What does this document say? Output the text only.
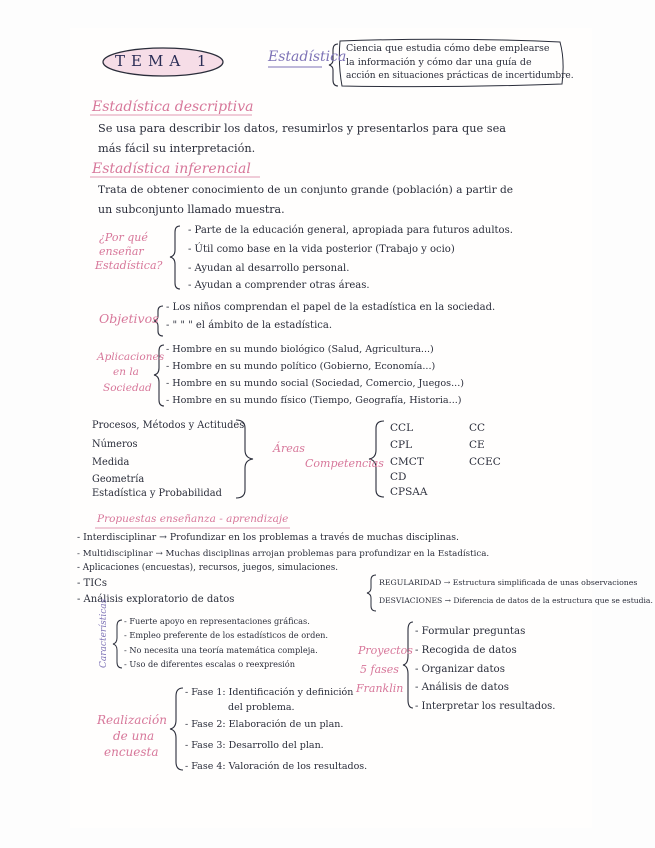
TEMA 1	Estadística
Ciencia que estudia cómo debe emplearse
la información y cómo dar una guía de
acción en situaciones prácticas de incertidumbre.
Estadística descriptiva
Se usa para describir los datos, resumirlos y presentarlos para que sea
más fácil su interpretación.
Estadística inferencial
Trata de obtener conocimiento de un conjunto grande (población) a partir de
un subconjunto llamado muestra.
¿Por qué
enseñar
Estadística?
- Parte de la educación general, apropiada para futuros adultos.
- Útil como base en la vida posterior (Trabajo y ocio)
- Ayudan al desarrollo personal.
- Ayudan a comprender otras áreas.
Objetivos
- Los niños comprendan el papel de la estadística en la sociedad.
- " " " el ámbito de la estadística.
Aplicaciones
en la
Sociedad
- Hombre en su mundo biológico (Salud, Agricultura...)
- Hombre en su mundo político (Gobierno, Economía...)
- Hombre en su mundo social (Sociedad, Comercio, Juegos...)
- Hombre en su mundo físico (Tiempo, Geografía, Historia...)
Procesos, Métodos y Actitudes
Números
Medida
Geometría
Estadística y Probabilidad
Áreas
Competencias
CCL
CPL
CMCT
CD
CPSAA
CC
CE
CCEC
Propuestas enseñanza - aprendizaje
- Interdisciplinar → Profundizar en los problemas a través de muchas disciplinas.
- Multidisciplinar → Muchas disciplinas arrojan problemas para profundizar en la Estadística.
- Aplicaciones (encuestas), recursos, juegos, simulaciones.
- TICs
- Análisis exploratorio de datos
REGULARIDAD → Estructura simplificada de unas observaciones
DESVIACIONES → Diferencia de datos de la estructura que se estudia.
Características - Fuerte apoyo en representaciones gráficas.
- Empleo preferente de los estadísticos de orden.
- No necesita una teoría matemática compleja.
- Uso de diferentes escalas o reexpresión
Proyectos
5 fases
Franklin
- Formular preguntas
- Recogida de datos
- Organizar datos
- Análisis de datos
- Interpretar los resultados.
Realización
de una
encuesta
- Fase 1: Identificación y definición
del problema.
- Fase 2: Elaboración de un plan.
- Fase 3: Desarrollo del plan.
- Fase 4: Valoración de los resultados.
